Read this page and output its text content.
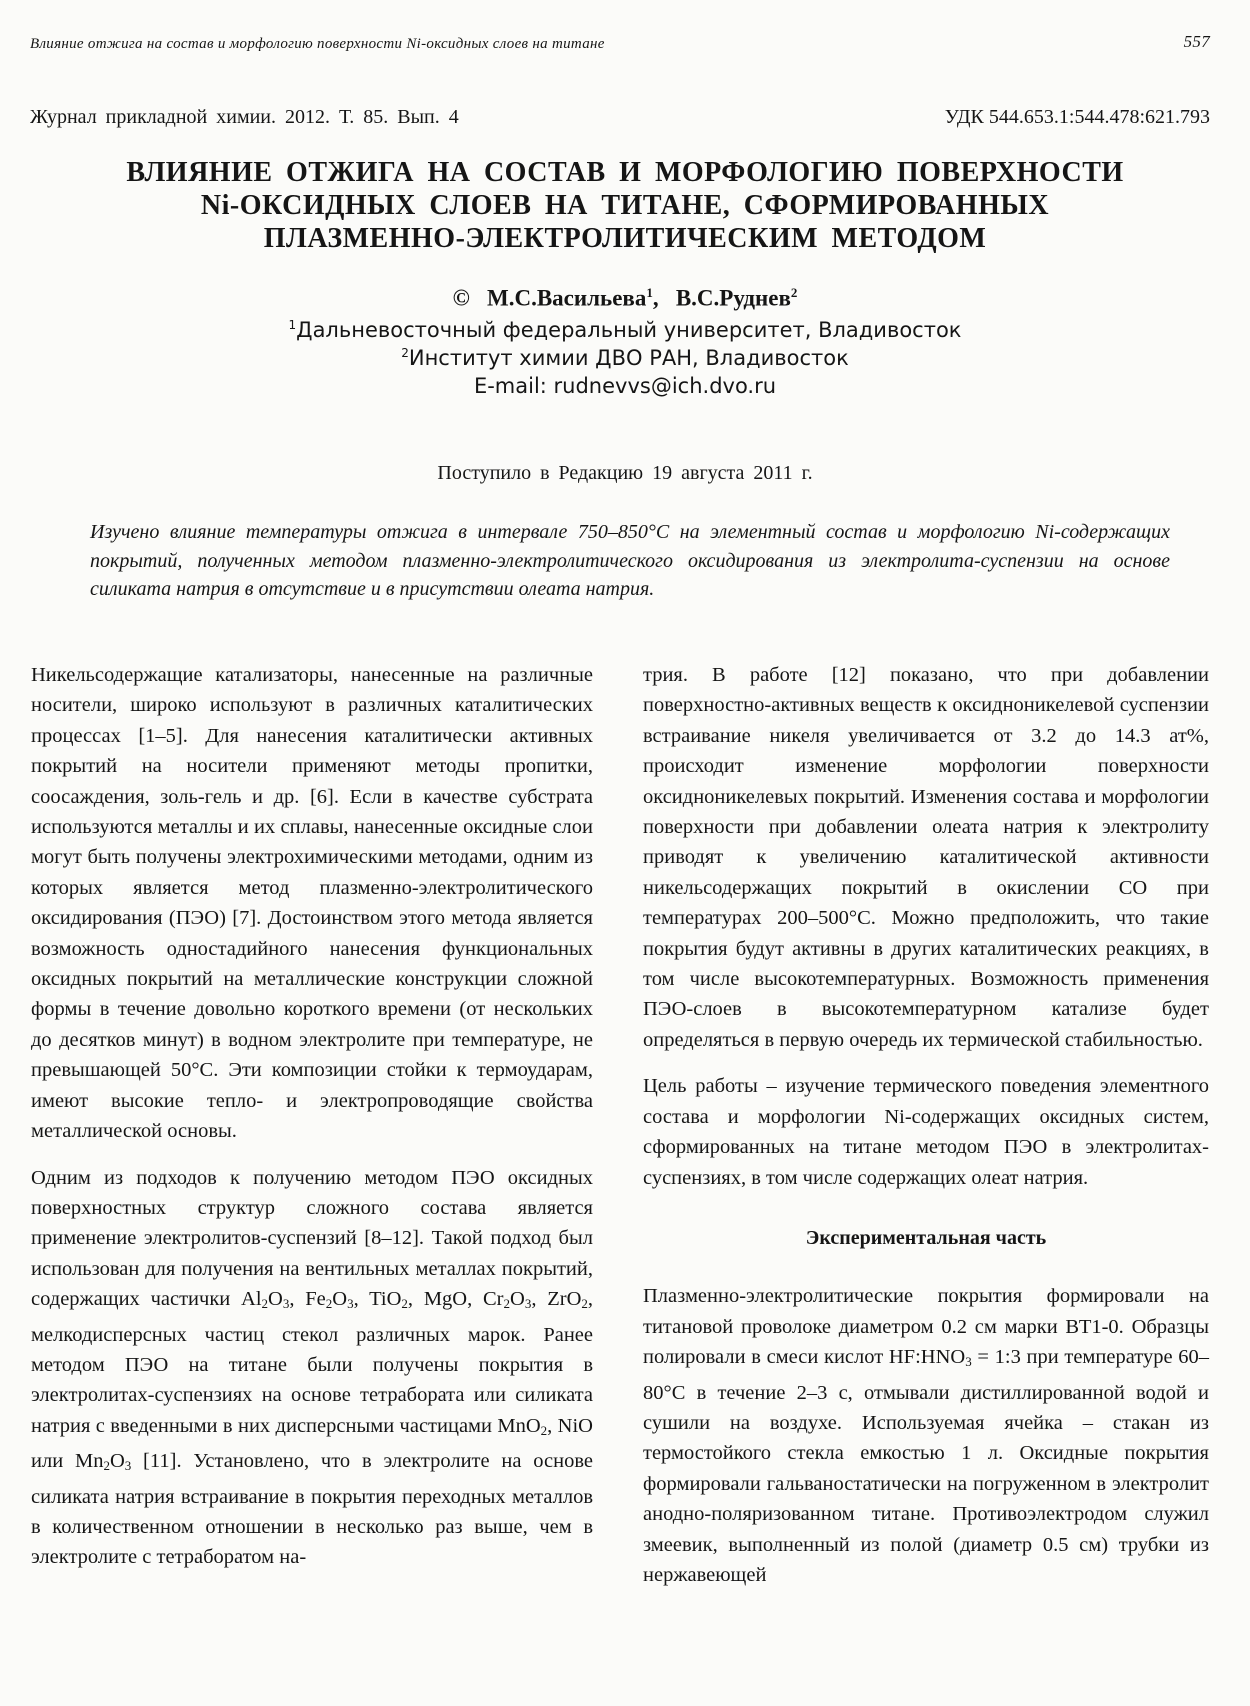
Влияние отжига на состав и морфологию поверхности Ni-оксидных слоев на титане	557
Журнал прикладной химии. 2012. Т. 85. Вып. 4	УДК 544.653.1:544.478:621.793
ВЛИЯНИЕ ОТЖИГА НА СОСТАВ И МОРФОЛОГИЮ ПОВЕРХНОСТИ
Ni-ОКСИДНЫХ СЛОЕВ НА ТИТАНЕ, СФОРМИРОВАННЫХ
ПЛАЗМЕННО-ЭЛЕКТРОЛИТИЧЕСКИМ МЕТОДОМ
© М.С.Васильева$^1$, В.С.Руднев$^2$
$^1$Дальневосточный федеральный университет, Владивосток
$^2$Институт химии ДВО РАН, Владивосток
E-mail: rudnevvs@ich.dvo.ru
Поступило в Редакцию 19 августа 2011 г.
Изучено влияние температуры отжига в интервале 750–850°С на элементный состав и морфологию Ni-содержащих покрытий, полученных методом плазменно-электролитического оксидирования из электролита-суспензии на основе силиката натрия в отсутствие и в присутствии олеата натрия.

Никельсодержащие катализаторы, нанесенные на различные носители, широко используют в различных каталитических процессах [1–5]. Для нанесения каталитически активных покрытий на носители применяют методы пропитки, соосаждения, золь-гель и др. [6]. Если в качестве субстрата используются металлы и их сплавы, нанесенные оксидные слои могут быть получены электрохимическими методами, одним из которых является метод плазменно-электролитического оксидирования (ПЭО) [7]. Достоинством этого метода является возможность одностадийного нанесения функциональных оксидных покрытий на металлические конструкции сложной формы в течение довольно короткого времени (от нескольких до десятков минут) в водном электролите при температуре, не превышающей 50°С. Эти композиции стойки к термоударам, имеют высокие тепло- и электропроводящие свойства металлической основы.

Одним из подходов к получению методом ПЭО оксидных поверхностных структур сложного состава является применение электролитов-суспензий [8–12]. Такой подход был использован для получения на вентильных металлах покрытий, содержащих частички $Al_2O_3$, $Fe_2O_3$, TiO$_2$, MgO, $Cr_2O_3$, ZrO$_2$, мелкодисперсных частиц стекол различных марок. Ранее методом ПЭО на титане были получены покрытия в электролитах-суспензиях на основе тетрабората или силиката натрия с введенными в них дисперсными частицами MnO$_2$, NiO или $Mn_2O_3$ [11]. Установлено, что в электролите на основе силиката натрия встраивание в покрытия переходных металлов в количественном отношении в несколько раз выше, чем в электролите с тетраборатом на-

трия. В работе [12] показано, что при добавлении поверхностно-активных веществ к оксидноникелевой суспензии встраивание никеля увеличивается от 3.2 до 14.3 ат%, происходит изменение морфологии поверхности оксидноникелевых покрытий. Изменения состава и морфологии поверхности при добавлении олеата натрия к электролиту приводят к увеличению каталитической активности никельсодержащих покрытий в окислении СО при температурах 200–500°С. Можно предположить, что такие покрытия будут активны в других каталитических реакциях, в том числе высокотемпературных. Возможность применения ПЭО-слоев в высокотемпературном катализе будет определяться в первую очередь их термической стабильностью.

Цель работы – изучение термического поведения элементного состава и морфологии Ni-содержащих оксидных систем, сформированных на титане методом ПЭО в электролитах-суспензиях, в том числе содержащих олеат натрия.

Экспериментальная часть

Плазменно-электролитические покрытия формировали на титановой проволоке диаметром 0.2 см марки ВТ1-0. Образцы полировали в смеси кислот $HF:HNO_3$ = 1:3 при температуре 60–80°С в течение 2–3 с, отмывали дистиллированной водой и сушили на воздухе. Используемая ячейка – стакан из термостойкого стекла емкостью 1 л. Оксидные покрытия формировали гальваностатически на погруженном в электролит анодно-поляризованном титане. Противоэлектродом служил змеевик, выполненный из полой (диаметр 0.5 см) трубки из нержавеющей
